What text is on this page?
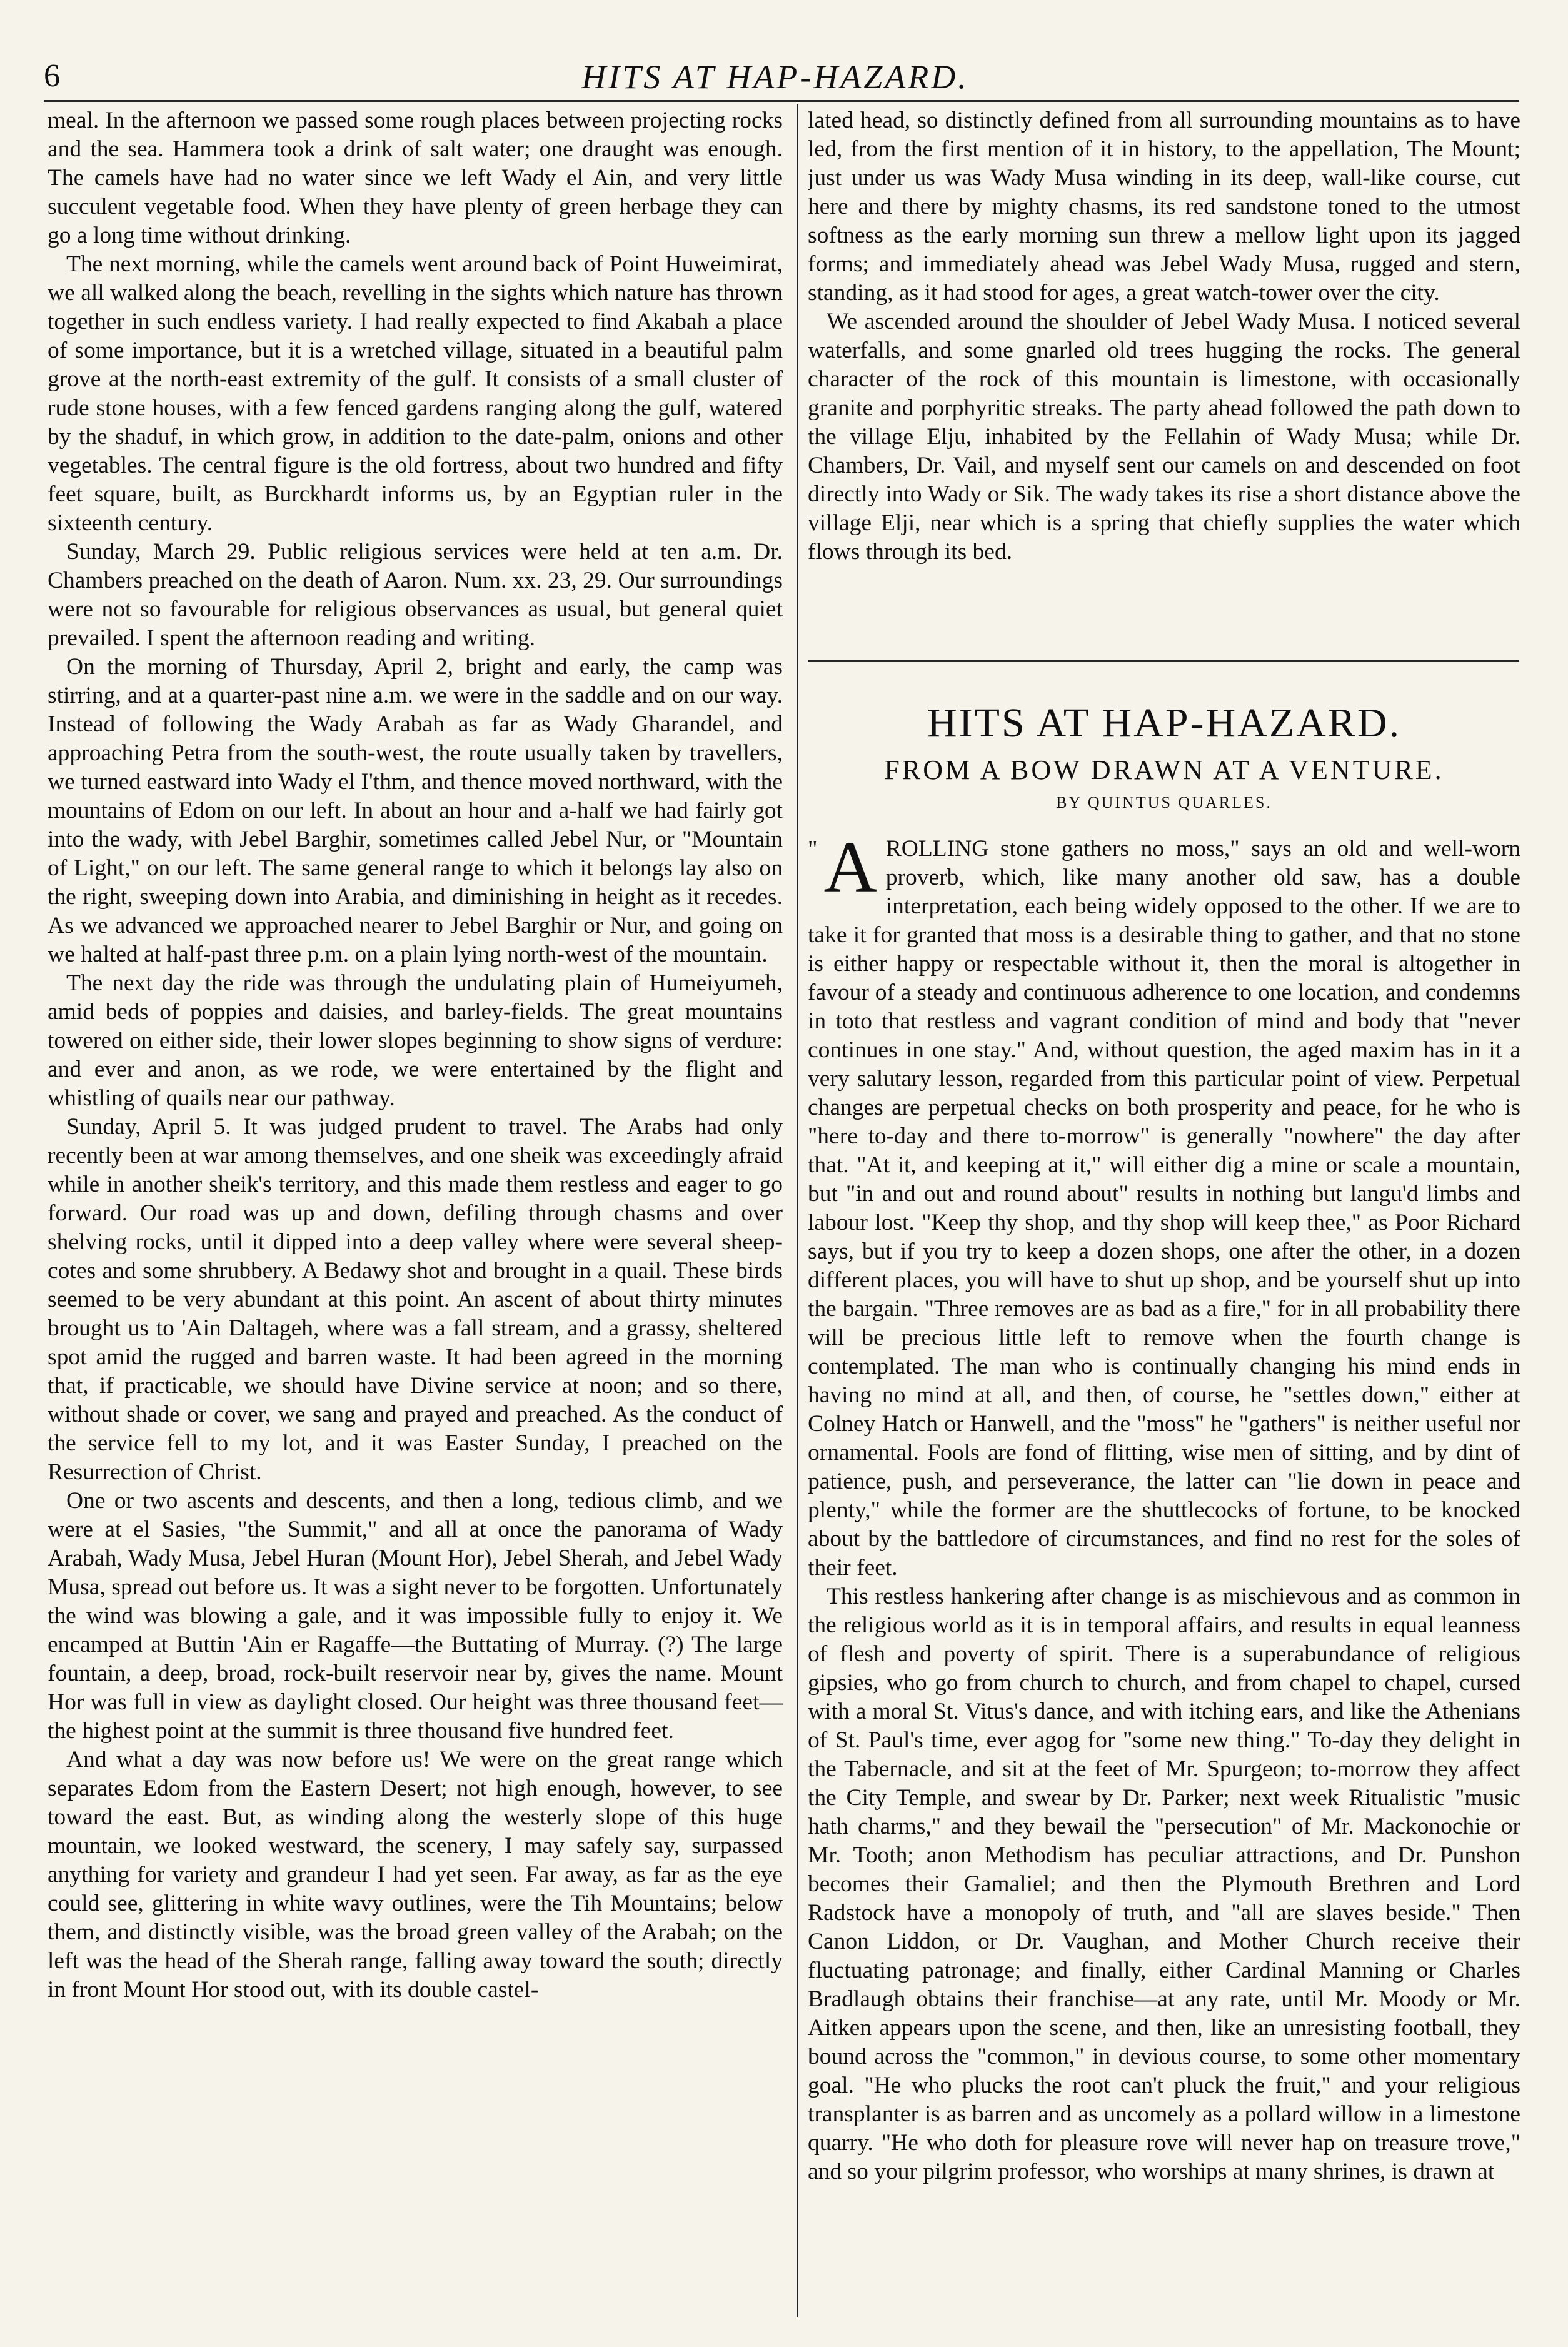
6	HITS AT HAP-HAZARD.

meal. In the afternoon we passed some rough places between projecting rocks and the sea. Hammera took a drink of salt water; one draught was enough. The camels have had no water since we left Wady el Ain, and very little succulent vegetable food. When they have plenty of green herbage they can go a long time without drinking.

The next morning, while the camels went around back of Point Huweimirat, we all walked along the beach, revelling in the sights which nature has thrown together in such endless variety. I had really expected to find Akabah a place of some importance, but it is a wretched village, situated in a beautiful palm grove at the north-east extremity of the gulf. It consists of a small cluster of rude stone houses, with a few fenced gardens ranging along the gulf, watered by the shaduf, in which grow, in addition to the date-palm, onions and other vegetables. The central figure is the old fortress, about two hundred and fifty feet square, built, as Burckhardt informs us, by an Egyptian ruler in the sixteenth century.

Sunday, March 29. Public religious services were held at ten a.m. Dr. Chambers preached on the death of Aaron. Num. xx. 23, 29. Our surroundings were not so favourable for religious observances as usual, but general quiet prevailed. I spent the afternoon reading and writing.

On the morning of Thursday, April 2, bright and early, the camp was stirring, and at a quarter-past nine a.m. we were in the saddle and on our way. Instead of following the Wady Arabah as far as Wady Gharandel, and approaching Petra from the south-west, the route usually taken by travellers, we turned eastward into Wady el I'thm, and thence moved northward, with the mountains of Edom on our left. In about an hour and a-half we had fairly got into the wady, with Jebel Barghir, sometimes called Jebel Nur, or "Mountain of Light," on our left. The same general range to which it belongs lay also on the right, sweeping down into Arabia, and diminishing in height as it recedes. As we advanced we approached nearer to Jebel Barghir or Nur, and going on we halted at half-past three p.m. on a plain lying north-west of the mountain.

The next day the ride was through the undulating plain of Humeiyumeh, amid beds of poppies and daisies, and barley-fields. The great mountains towered on either side, their lower slopes beginning to show signs of verdure: and ever and anon, as we rode, we were entertained by the flight and whistling of quails near our pathway.

Sunday, April 5. It was judged prudent to travel. The Arabs had only recently been at war among themselves, and one sheik was exceedingly afraid while in another sheik's territory, and this made them restless and eager to go forward. Our road was up and down, defiling through chasms and over shelving rocks, until it dipped into a deep valley where were several sheep-cotes and some shrubbery. A Bedawy shot and brought in a quail. These birds seemed to be very abundant at this point. An ascent of about thirty minutes brought us to 'Ain Daltageh, where was a fall stream, and a grassy, sheltered spot amid the rugged and barren waste. It had been agreed in the morning that, if practicable, we should have Divine service at noon; and so there, without shade or cover, we sang and prayed and preached. As the conduct of the service fell to my lot, and it was Easter Sunday, I preached on the Resurrection of Christ.

One or two ascents and descents, and then a long, tedious climb, and we were at el Sasies, "the Summit," and all at once the panorama of Wady Arabah, Wady Musa, Jebel Huran (Mount Hor), Jebel Sherah, and Jebel Wady Musa, spread out before us. It was a sight never to be forgotten. Unfortunately the wind was blowing a gale, and it was impossible fully to enjoy it. We encamped at Buttin 'Ain er Ragaffe—the Buttating of Murray. (?) The large fountain, a deep, broad, rock-built reservoir near by, gives the name. Mount Hor was full in view as daylight closed. Our height was three thousand feet—the highest point at the summit is three thousand five hundred feet.

And what a day was now before us! We were on the great range which separates Edom from the Eastern Desert; not high enough, however, to see toward the east. But, as winding along the westerly slope of this huge mountain, we looked westward, the scenery, I may safely say, surpassed anything for variety and grandeur I had yet seen. Far away, as far as the eye could see, glittering in white wavy outlines, were the Tih Mountains; below them, and distinctly visible, was the broad green valley of the Arabah; on the left was the head of the Sherah range, falling away toward the south; directly in front Mount Hor stood out, with its double castel-

lated head, so distinctly defined from all surrounding mountains as to have led, from the first mention of it in history, to the appellation, The Mount; just under us was Wady Musa winding in its deep, wall-like course, cut here and there by mighty chasms, its red sandstone toned to the utmost softness as the early morning sun threw a mellow light upon its jagged forms; and immediately ahead was Jebel Wady Musa, rugged and stern, standing, as it had stood for ages, a great watch-tower over the city.

We ascended around the shoulder of Jebel Wady Musa. I noticed several waterfalls, and some gnarled old trees hugging the rocks. The general character of the rock of this mountain is limestone, with occasionally granite and porphyritic streaks. The party ahead followed the path down to the village Elju, inhabited by the Fellahin of Wady Musa; while Dr. Chambers, Dr. Vail, and myself sent our camels on and descended on foot directly into Wady or Sik. The wady takes its rise a short distance above the village Elji, near which is a spring that chiefly supplies the water which flows through its bed.

HITS AT HAP-HAZARD.
FROM A BOW DRAWN AT A VENTURE.
BY QUINTUS QUARLES.

" A ROLLING stone gathers no moss," says an old and well-worn proverb, which, like many another old saw, has a double interpretation, each being widely opposed to the other. If we are to take it for granted that moss is a desirable thing to gather, and that no stone is either happy or respectable without it, then the moral is altogether in favour of a steady and continuous adherence to one location, and condemns in toto that restless and vagrant condition of mind and body that "never continues in one stay." And, without question, the aged maxim has in it a very salutary lesson, regarded from this particular point of view. Perpetual changes are perpetual checks on both prosperity and peace, for he who is "here to-day and there to-morrow" is generally "nowhere" the day after that. "At it, and keeping at it," will either dig a mine or scale a mountain, but "in and out and round about" results in nothing but langu'd limbs and labour lost. "Keep thy shop, and thy shop will keep thee," as Poor Richard says, but if you try to keep a dozen shops, one after the other, in a dozen different places, you will have to shut up shop, and be yourself shut up into the bargain. "Three removes are as bad as a fire," for in all probability there will be precious little left to remove when the fourth change is contemplated. The man who is continually changing his mind ends in having no mind at all, and then, of course, he "settles down," either at Colney Hatch or Hanwell, and the "moss" he "gathers" is neither useful nor ornamental. Fools are fond of flitting, wise men of sitting, and by dint of patience, push, and perseverance, the latter can "lie down in peace and plenty," while the former are the shuttlecocks of fortune, to be knocked about by the battledore of circumstances, and find no rest for the soles of their feet.

This restless hankering after change is as mischievous and as common in the religious world as it is in temporal affairs, and results in equal leanness of flesh and poverty of spirit. There is a superabundance of religious gipsies, who go from church to church, and from chapel to chapel, cursed with a moral St. Vitus's dance, and with itching ears, and like the Athenians of St. Paul's time, ever agog for "some new thing." To-day they delight in the Tabernacle, and sit at the feet of Mr. Spurgeon; to-morrow they affect the City Temple, and swear by Dr. Parker; next week Ritualistic "music hath charms," and they bewail the "persecution" of Mr. Mackonochie or Mr. Tooth; anon Methodism has peculiar attractions, and Dr. Punshon becomes their Gamaliel; and then the Plymouth Brethren and Lord Radstock have a monopoly of truth, and "all are slaves beside." Then Canon Liddon, or Dr. Vaughan, and Mother Church receive their fluctuating patronage; and finally, either Cardinal Manning or Charles Bradlaugh obtains their franchise—at any rate, until Mr. Moody or Mr. Aitken appears upon the scene, and then, like an unresisting football, they bound across the "common," in devious course, to some other momentary goal. "He who plucks the root can't pluck the fruit," and your religious transplanter is as barren and as uncomely as a pollard willow in a limestone quarry. "He who doth for pleasure rove will never hap on treasure trove," and so your pilgrim professor, who worships at many shrines, is drawn at
